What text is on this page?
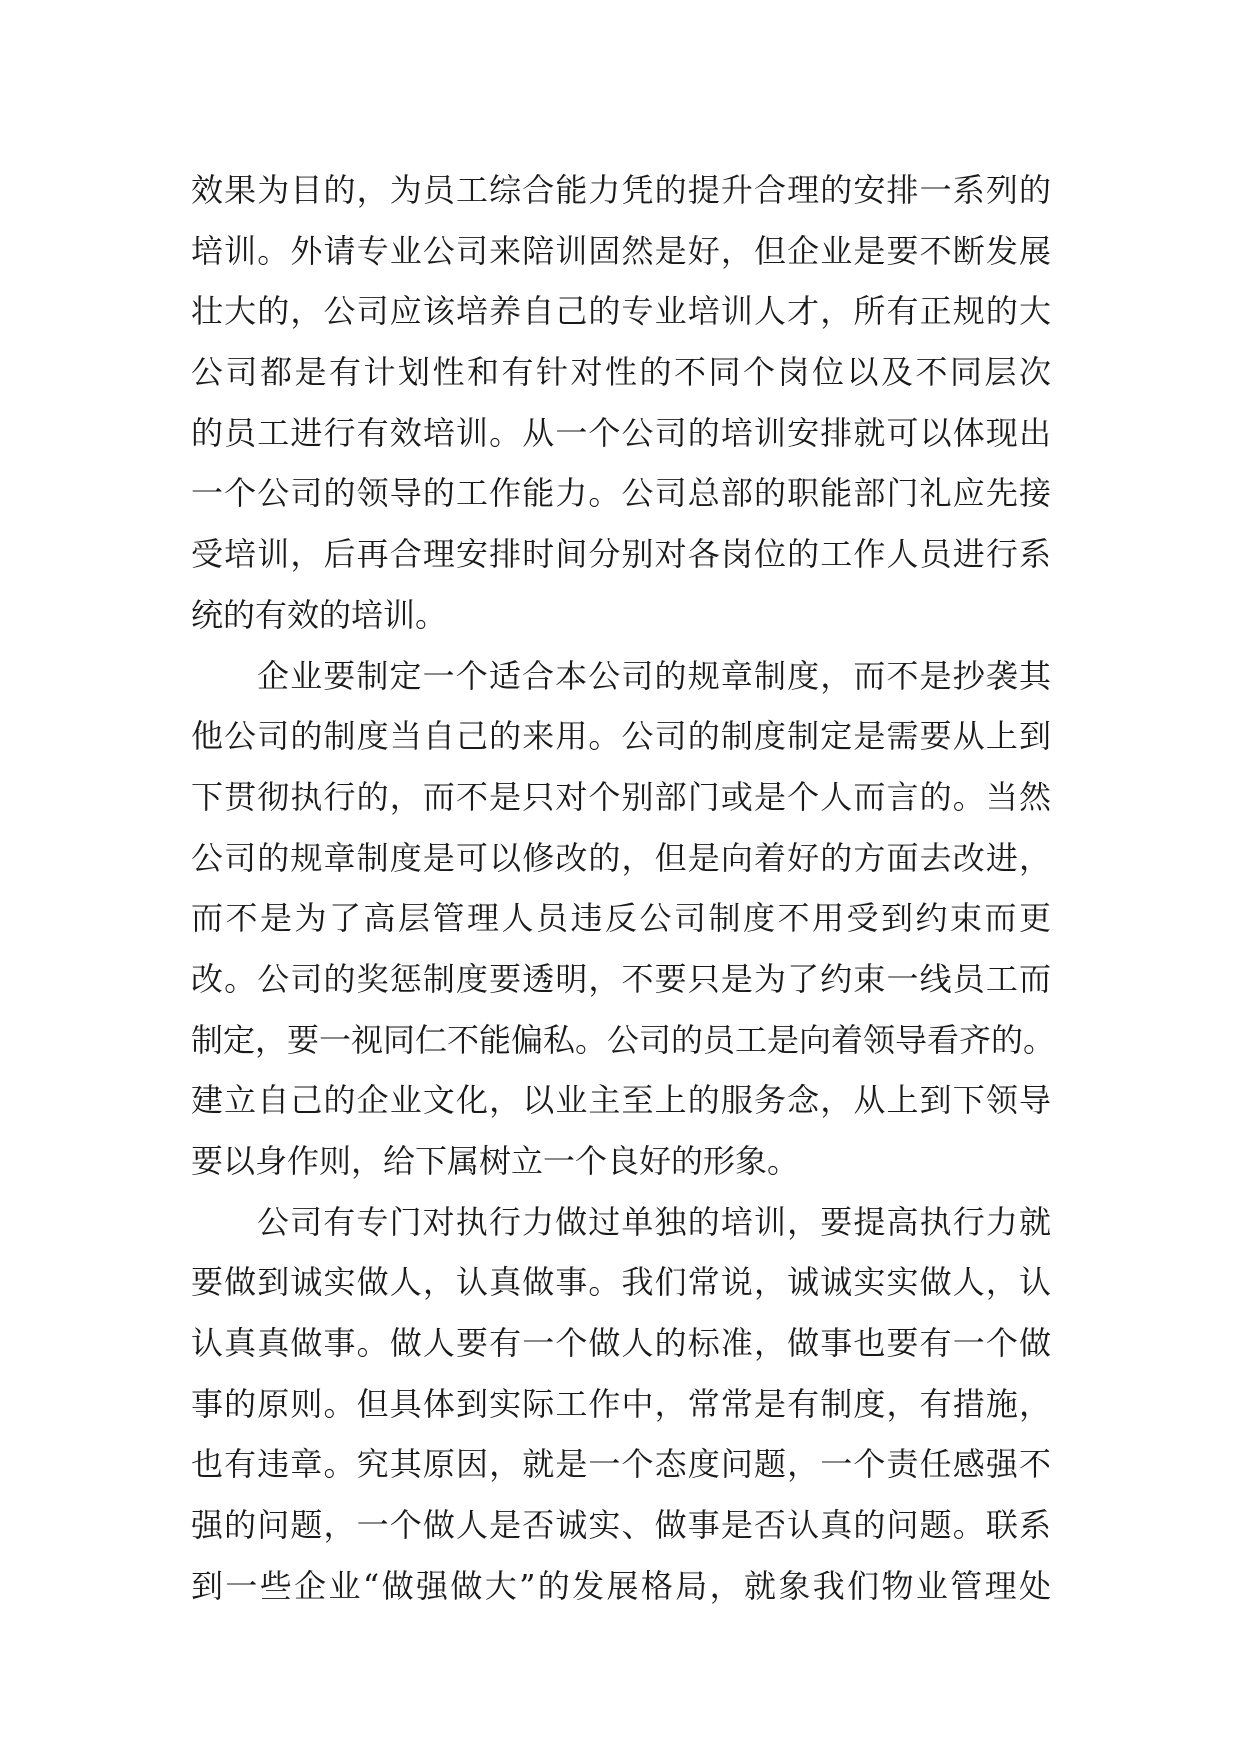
效果为目的，为员工综合能力凭的提升合理的安排一系列的
培训。外请专业公司来陪训固然是好，但企业是要不断发展
壮大的，公司应该培养自己的专业培训人才，所有正规的大
公司都是有计划性和有针对性的不同个岗位以及不同层次
的员工进行有效培训。从一个公司的培训安排就可以体现出
一个公司的领导的工作能力。公司总部的职能部门礼应先接
受培训，后再合理安排时间分别对各岗位的工作人员进行系
统的有效的培训。
企业要制定一个适合本公司的规章制度，而不是抄袭其
他公司的制度当自己的来用。公司的制度制定是需要从上到
下贯彻执行的，而不是只对个别部门或是个人而言的。当然
公司的规章制度是可以修改的，但是向着好的方面去改进，
而不是为了高层管理人员违反公司制度不用受到约束而更
改。公司的奖惩制度要透明，不要只是为了约束一线员工而
制定，要一视同仁不能偏私。公司的员工是向着领导看齐的。
建立自己的企业文化，以业主至上的服务念，从上到下领导
要以身作则，给下属树立一个良好的形象。
公司有专门对执行力做过单独的培训，要提高执行力就
要做到诚实做人，认真做事。我们常说，诚诚实实做人，认
认真真做事。做人要有一个做人的标准，做事也要有一个做
事的原则。但具体到实际工作中，常常是有制度，有措施，
也有违章。究其原因，就是一个态度问题，一个责任感强不
强的问题，一个做人是否诚实、做事是否认真的问题。联系
到一些企业“做强做大”的发展格局，就象我们物业管理处
